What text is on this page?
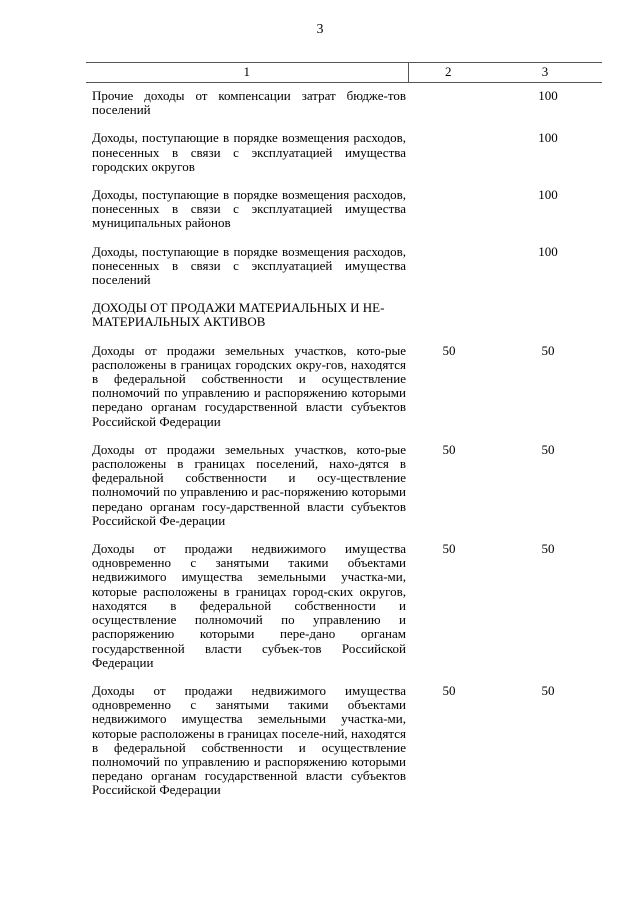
3
1	2	3
Прочие доходы от компенсации затрат бюдже-тов поселений		100
Доходы, поступающие в порядке возмещения расходов, понесенных в связи с эксплуатацией имущества городских округов		100
Доходы, поступающие в порядке возмещения расходов, понесенных в связи с эксплуатацией имущества муниципальных районов		100
Доходы, поступающие в порядке возмещения расходов, понесенных в связи с эксплуатацией имущества поселений		100
ДОХОДЫ ОТ ПРОДАЖИ МАТЕРИАЛЬНЫХ И НЕ-МАТЕРИАЛЬНЫХ АКТИВОВ		
Доходы от продажи земельных участков, кото-рые расположены в границах городских окру-гов, находятся в федеральной собственности и осуществление полномочий по управлению и распоряжению которыми передано органам государственной власти субъектов Российской Федерации	50	50
Доходы от продажи земельных участков, кото-рые расположены в границах поселений, нахо-дятся в федеральной собственности и осу-ществление полномочий по управлению и рас-поряжению которыми передано органам госу-дарственной власти субъектов Российской Фе-дерации	50	50
Доходы от продажи недвижимого имущества одновременно с занятыми такими объектами недвижимого имущества земельными участка-ми, которые расположены в границах город-ских округов, находятся в федеральной собственности и осуществление полномочий по управлению и распоряжению которыми пере-дано органам государственной власти субъек-тов Российской Федерации	50	50
Доходы от продажи недвижимого имущества одновременно с занятыми такими объектами недвижимого имущества земельными участка-ми, которые расположены в границах поселе-ний, находятся в федеральной собственности и осуществление полномочий по управлению и распоряжению которыми передано органам государственной власти субъектов Российской Федерации	50	50
